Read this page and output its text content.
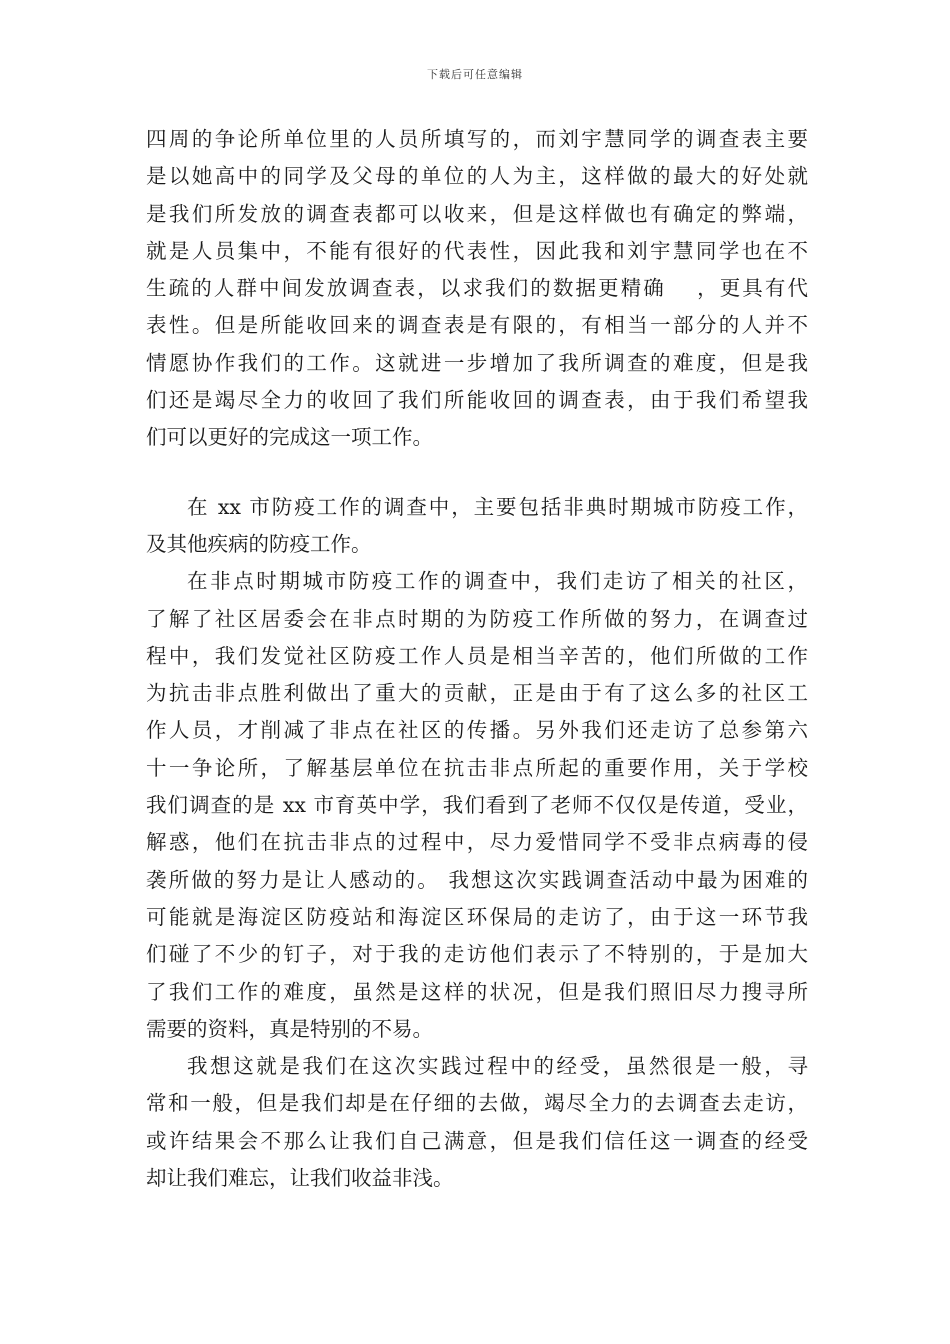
下载后可任意编辑
四周的争论所单位里的人员所填写的，而刘宇慧同学的调查表主要
是以她高中的同学及父母的单位的人为主，这样做的最大的好处就
是我们所发放的调查表都可以收来，但是这样做也有确定的弊端，
就是人员集中，不能有很好的代表性，因此我和刘宇慧同学也在不
生疏的人群中间发放调查表，以求我们的数据更精确　 ，更具有代
表性。但是所能收回来的调查表是有限的，有相当一部分的人并不
情愿协作我们的工作。这就进一步增加了我所调查的难度，但是我
们还是竭尽全力的收回了我们所能收回的调查表，由于我们希望我
们可以更好的完成这一项工作。
在 xx 市防疫工作的调查中，主要包括非典时期城市防疫工作，
及其他疾病的防疫工作。
在非点时期城市防疫工作的调查中，我们走访了相关的社区，
了解了社区居委会在非点时期的为防疫工作所做的努力，在调查过
程中，我们发觉社区防疫工作人员是相当辛苦的，他们所做的工作
为抗击非点胜利做出了重大的贡献，正是由于有了这么多的社区工
作人员，才削减了非点在社区的传播。另外我们还走访了总参第六
十一争论所，了解基层单位在抗击非点所起的重要作用，关于学校
我们调查的是 xx 市育英中学，我们看到了老师不仅仅是传道，受业，
解惑，他们在抗击非点的过程中，尽力爱惜同学不受非点病毒的侵
袭所做的努力是让人感动的。 我想这次实践调查活动中最为困难的
可能就是海淀区防疫站和海淀区环保局的走访了，由于这一环节我
们碰了不少的钉子，对于我的走访他们表示了不特别的，于是加大
了我们工作的难度，虽然是这样的状况，但是我们照旧尽力搜寻所
需要的资料，真是特别的不易。
我想这就是我们在这次实践过程中的经受，虽然很是一般，寻
常和一般，但是我们却是在仔细的去做，竭尽全力的去调查去走访，
或许结果会不那么让我们自己满意，但是我们信任这一调查的经受
却让我们难忘，让我们收益非浅。
